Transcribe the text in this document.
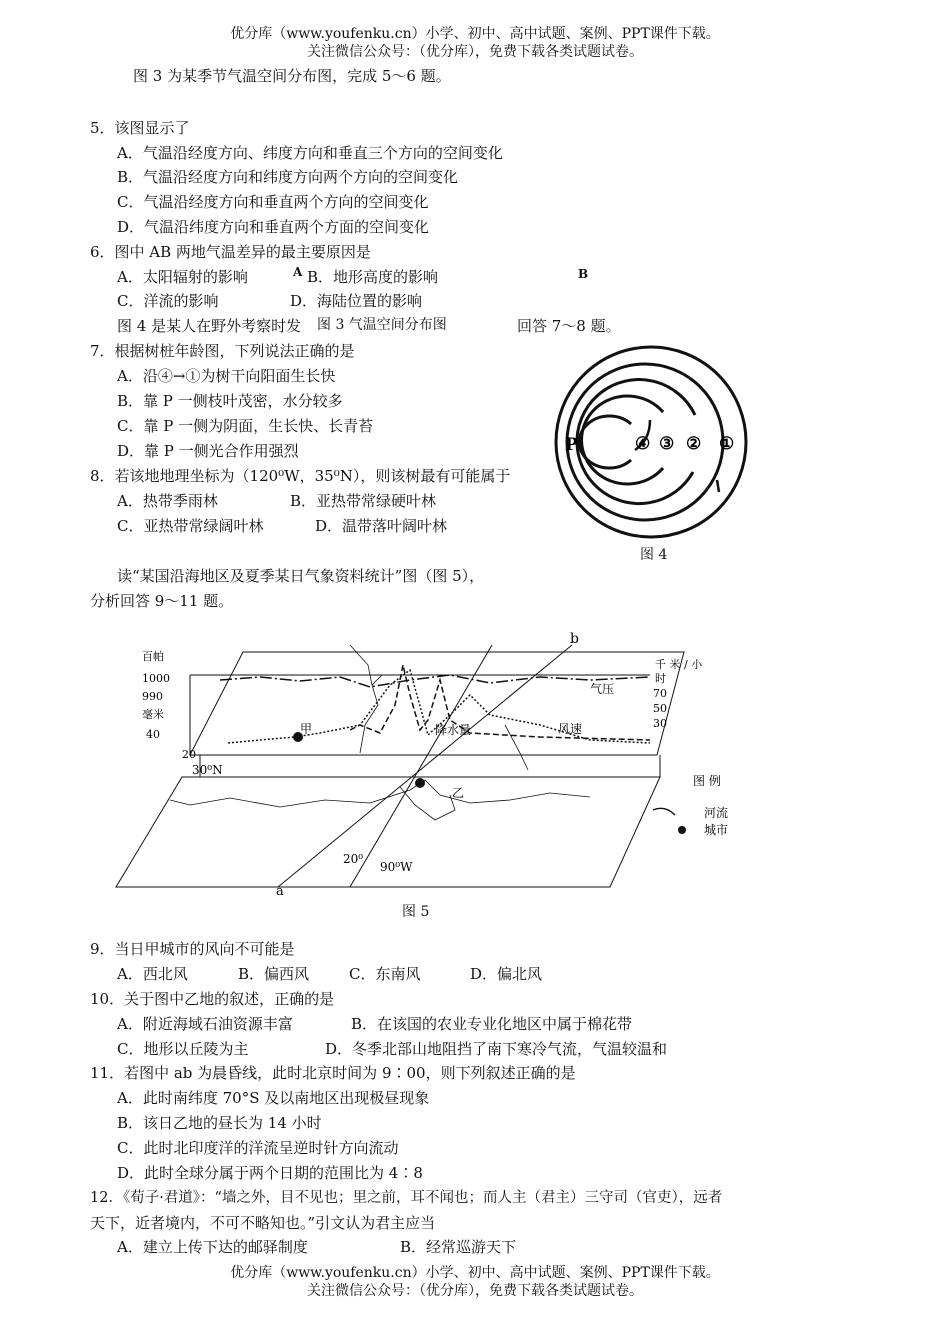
优分库（www.youfenku.cn）小学、初中、高中试题、案例、PPT课件下载。
关注微信公众号：（优分库），免费下载各类试题试卷。
图 3 为某季节气温空间分布图，完成 5～6 题。
5．该图显示了
A．气温沿经度方向、纬度方向和垂直三个方向的空间变化
B．气温沿经度方向和纬度方向两个方向的空间变化
C．气温沿经度方向和垂直两个方向的空间变化
D．气温沿纬度方向和垂直两个方面的空间变化
6．图中 AB 两地气温差异的最主要原因是
A．太阳辐射的影响	A B．地形高度的影响	B
C．洋流的影响	D．海陆位置的影响
图 4 是某人在野外考察时发 图 3 气温空间分布图	回答 7～8 题。
7．根据树桩年龄图，下列说法正确的是
A．沿④→①为树干向阳面生长快
B．靠 P 一侧枝叶茂密，水分较多
C．靠 P 一侧为阴面，生长快、长青苔
D．靠 P 一侧光合作用强烈
8．若该地地理坐标为（120⁰W，35⁰N），则该树最有可能属于
A．热带季雨林	B．亚热带常绿硬叶林
C．亚热带常绿阔叶林	D．温带落叶阔叶林
P	④ ③ ② ①
图 4
读“某国沿海地区及夏季某日气象资料统计”图（图 5），
分析回答 9～11 题。
百帕
1000
990
毫米
40
20
千 米 / 小
时
70
50
30
气压
降水量	风速
甲
乙
30⁰N
20⁰
90⁰W
a
b
图 例
河流
城市
图 5
9．当日甲城市的风向不可能是
A．西北风	B．偏西风	C．东南风	D．偏北风
10．关于图中乙地的叙述，正确的是
A．附近海域石油资源丰富	B．在该国的农业专业化地区中属于棉花带
C．地形以丘陵为主	D．冬季北部山地阻挡了南下寒冷气流，气温较温和
11．若图中 ab 为晨昏线，此时北京时间为 9∶00，则下列叙述正确的是
A．此时南纬度 70°S 及以南地区出现极昼现象
B．该日乙地的昼长为 14 小时
C．此时北印度洋的洋流呈逆时针方向流动
D．此时全球分属于两个日期的范围比为 4∶8
12．《荀子·君道》：“墙之外，目不见也；里之前，耳不闻也；而人主（君主）三守司（官吏），远者
天下，近者境内，不可不略知也。”引文认为君主应当
A．建立上传下达的邮驿制度	B．经常巡游天下
优分库（www.youfenku.cn）小学、初中、高中试题、案例、PPT课件下载。
关注微信公众号：（优分库），免费下载各类试题试卷。
